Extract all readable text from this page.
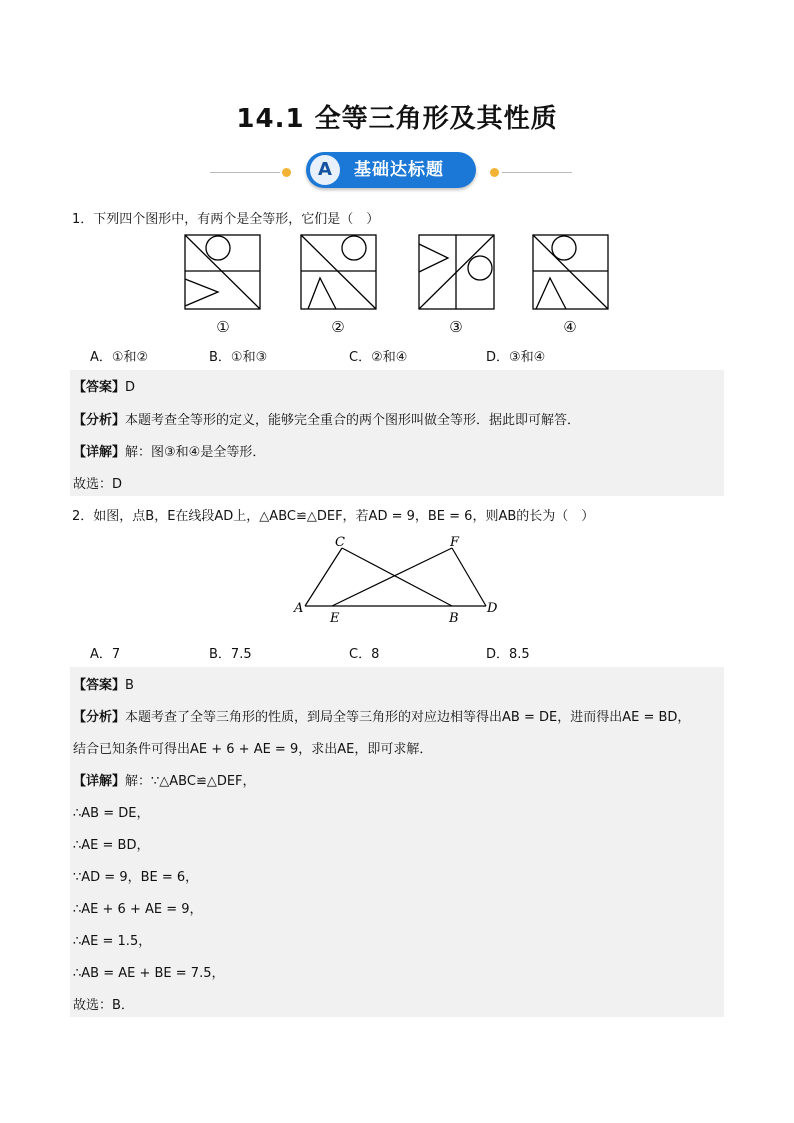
14.1 全等三角形及其性质
A	基础达标题
1．下列四个图形中，有两个是全等形，它们是（　）
①	②	③	④
A．①和②	B．①和③	C．②和④	D．③和④
【答案】D
【分析】本题考查全等形的定义，能够完全重合的两个图形叫做全等形．据此即可解答．
【详解】解：图③和④是全等形．
故选：D
2．如图，点B，E在线段AD上，△ABC≌△DEF，若AD = 9，BE = 6，则AB的长为（　）
C	F
A
E	B
D
A．7	B．7.5	C．8	D．8.5
【答案】B
【分析】本题考查了全等三角形的性质，到局全等三角形的对应边相等得出AB = DE，进而得出AE = BD，
结合已知条件可得出AE + 6 + AE = 9，求出AE，即可求解．
【详解】解：∵△ABC≌△DEF，
∴AB = DE，
∴AE = BD，
∵AD = 9，BE = 6，
∴AE + 6 + AE = 9，
∴AE = 1.5，
∴AB = AE + BE = 7.5，
故选：B．
